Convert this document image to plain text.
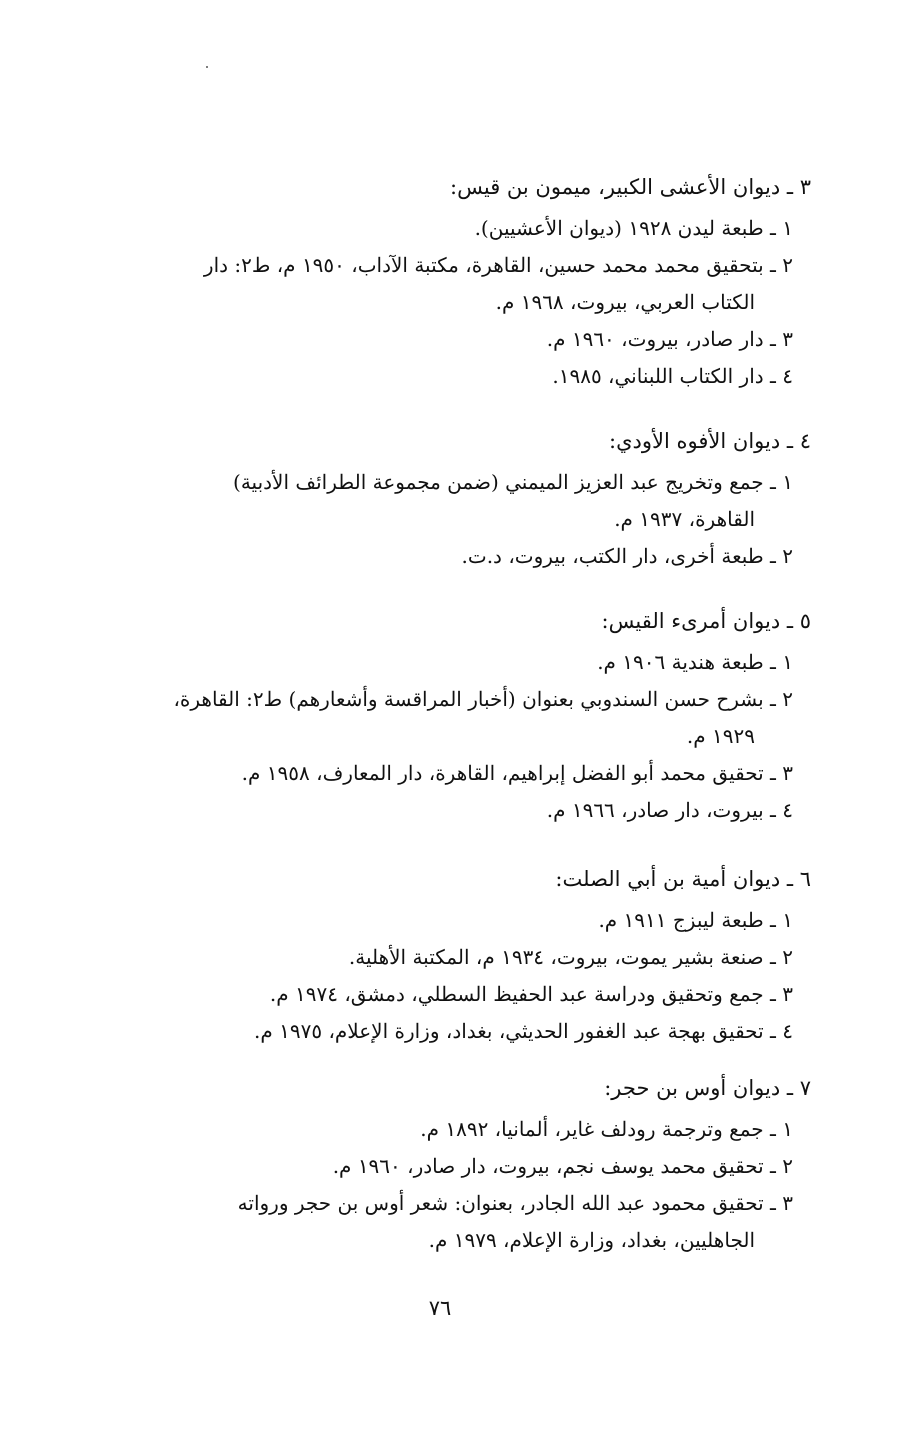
٣ ـ ديوان الأعشى الكبير، ميمون بن قيس:
١ ـ طبعة ليدن ١٩٢٨ (ديوان الأعشيين).
٢ ـ بتحقيق محمد محمد حسين، القاهرة، مكتبة الآداب، ١٩٥٠ م، ط٢: دار
الكتاب العربي، بيروت، ١٩٦٨ م.
٣ ـ دار صادر، بيروت، ١٩٦٠ م.
٤ ـ دار الكتاب اللبناني، ١٩٨٥.
٤ ـ ديوان الأفوه الأودي:
١ ـ جمع وتخريج عبد العزيز الميمني (ضمن مجموعة الطرائف الأدبية)
القاهرة، ١٩٣٧ م.
٢ ـ طبعة أخرى، دار الكتب، بيروت، د.ت.
٥ ـ ديوان أمرىء القيس:
١ ـ طبعة هندية ١٩٠٦ م.
٢ ـ بشرح حسن السندوبي بعنوان (أخبار المراقسة وأشعارهم) ط٢: القاهرة،
١٩٢٩ م.
٣ ـ تحقيق محمد أبو الفضل إبراهيم، القاهرة، دار المعارف، ١٩٥٨ م.
٤ ـ بيروت، دار صادر، ١٩٦٦ م.
٦ ـ ديوان أمية بن أبي الصلت:
١ ـ طبعة ليبزج ١٩١١ م.
٢ ـ صنعة بشير يموت، بيروت، ١٩٣٤ م، المكتبة الأهلية.
٣ ـ جمع وتحقيق ودراسة عبد الحفيظ السطلي، دمشق، ١٩٧٤ م.
٤ ـ تحقيق بهجة عبد الغفور الحديثي، بغداد، وزارة الإعلام، ١٩٧٥ م.
٧ ـ ديوان أوس بن حجر:
١ ـ جمع وترجمة رودلف غاير، ألمانيا، ١٨٩٢ م.
٢ ـ تحقيق محمد يوسف نجم، بيروت، دار صادر، ١٩٦٠ م.
٣ ـ تحقيق محمود عبد الله الجادر، بعنوان: شعر أوس بن حجر ورواته
الجاهليين، بغداد، وزارة الإعلام، ١٩٧٩ م.
٧٦
